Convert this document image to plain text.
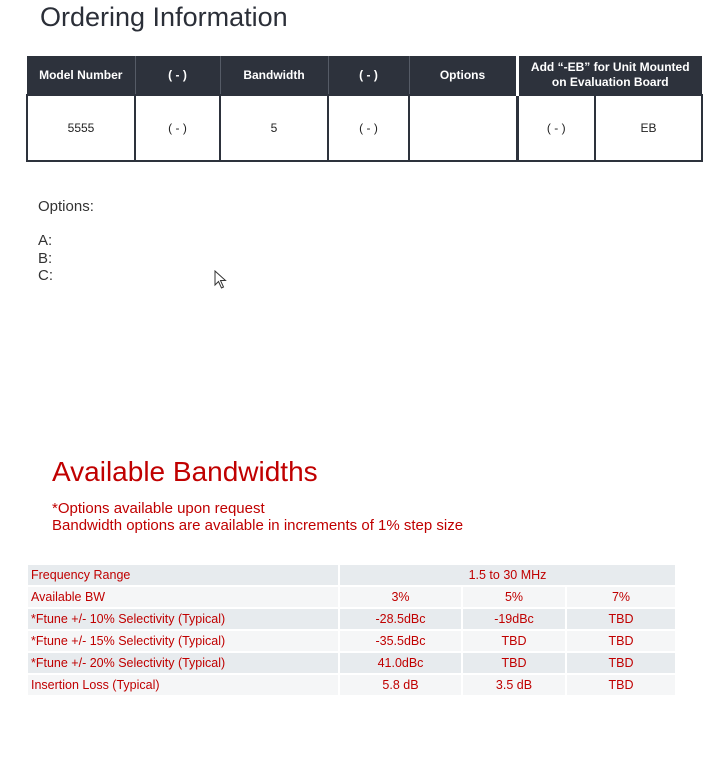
Ordering Information
Model Number	( - )	Bandwidth	( - )	Options	Add “-EB” for Unit Mounted on Evaluation Board	
5555	( - )	5	( - )		( - )	EB
Options:
A:
B:
C:
Available Bandwidths
*Options available upon request
Bandwidth options are available in increments of 1% step size
Frequency Range	1.5 to 30 MHz		
Available BW	3%	5%	7%
*Ftune +/- 10% Selectivity (Typical)	-28.5dBc	-19dBc	TBD
*Ftune +/- 15% Selectivity (Typical)	-35.5dBc	TBD	TBD
*Ftune +/- 20% Selectivity (Typical)	41.0dBc	TBD	TBD
Insertion Loss (Typical)	5.8 dB	3.5 dB	TBD
